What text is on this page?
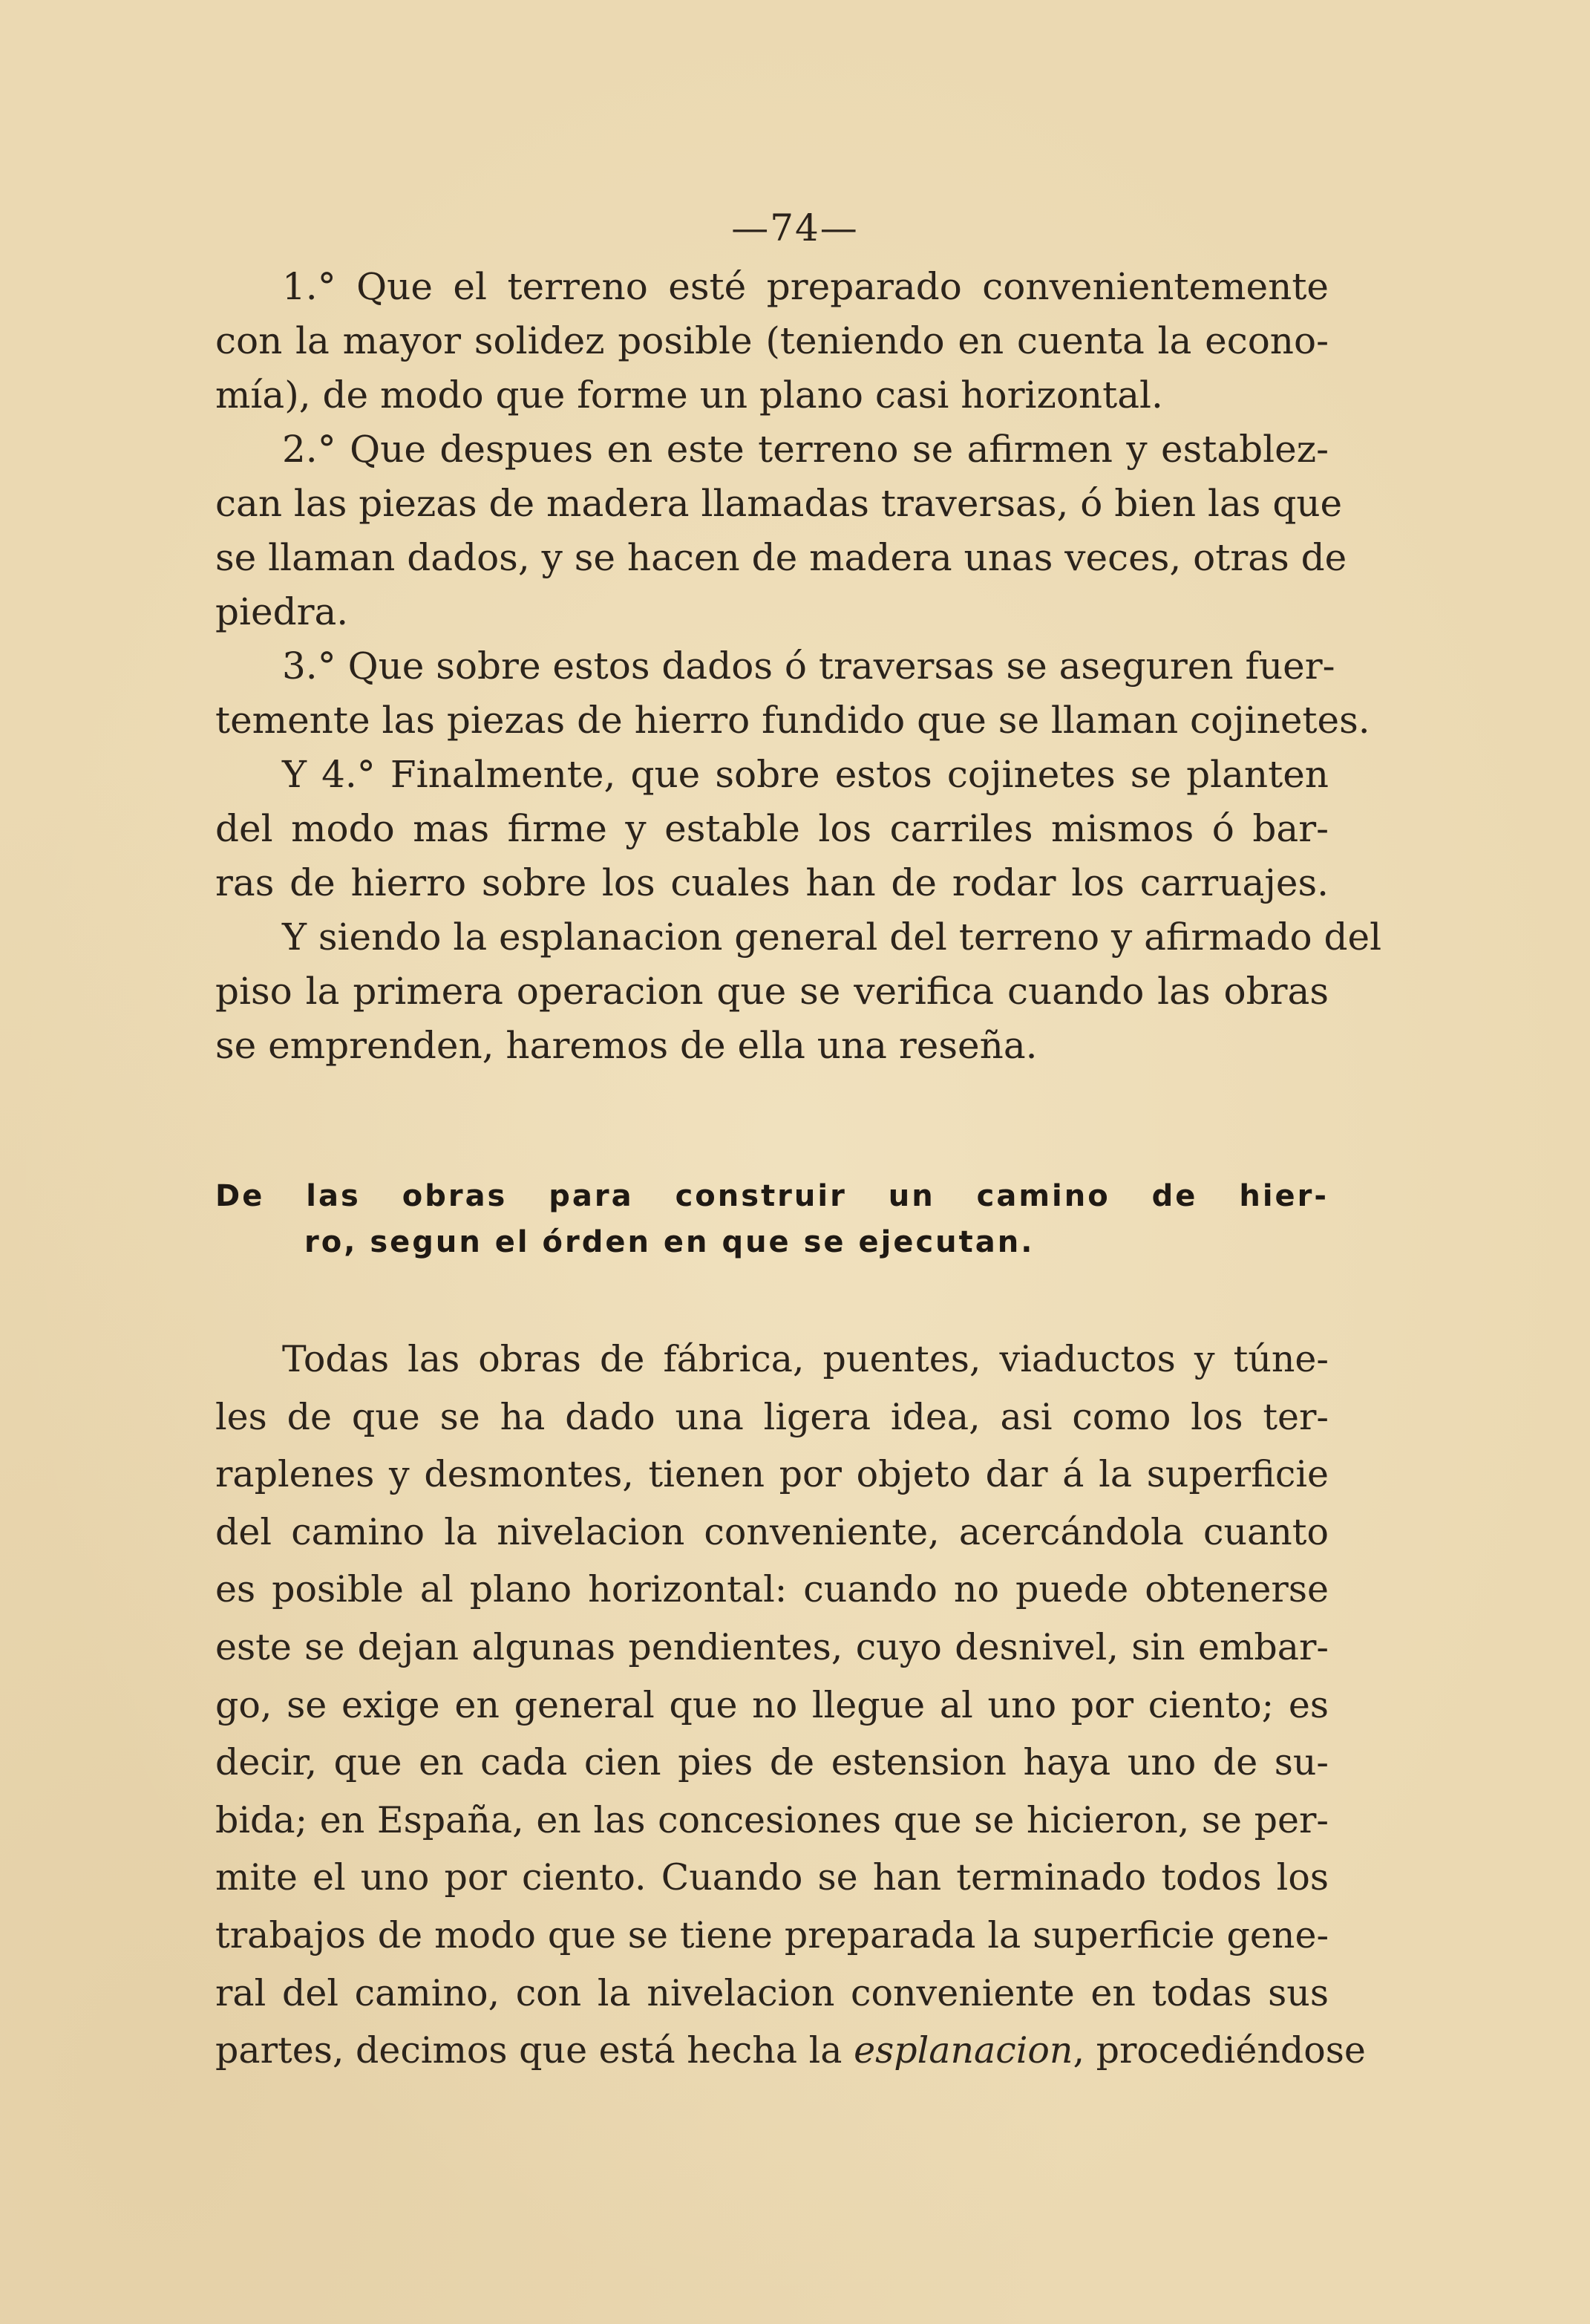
—74—
1.° Que el terreno esté preparado convenientemente
con la mayor solidez posible (teniendo en cuenta la econo-
mía), de modo que forme un plano casi horizontal.
2.° Que despues en este terreno se afirmen y establez-
can las piezas de madera llamadas traversas, ó bien las que
se llaman dados, y se hacen de madera unas veces, otras de
piedra.
3.° Que sobre estos dados ó traversas se aseguren fuer-
temente las piezas de hierro fundido que se llaman cojinetes.
Y 4.° Finalmente, que sobre estos cojinetes se planten
del modo mas firme y estable los carriles mismos ó bar-
ras de hierro sobre los cuales han de rodar los carruajes.
Y siendo la esplanacion general del terreno y afirmado del
piso la primera operacion que se verifica cuando las obras
se emprenden, haremos de ella una reseña.
De las obras para construir un camino de hier-
ro, segun el órden en que se ejecutan.
Todas las obras de fábrica, puentes, viaductos y túne-
les de que se ha dado una ligera idea, asi como los ter-
raplenes y desmontes, tienen por objeto dar á la superficie
del camino la nivelacion conveniente, acercándola cuanto
es posible al plano horizontal: cuando no puede obtenerse
este se dejan algunas pendientes, cuyo desnivel, sin embar-
go, se exige en general que no llegue al uno por ciento; es
decir, que en cada cien pies de estension haya uno de su-
bida; en España, en las concesiones que se hicieron, se per-
mite el uno por ciento. Cuando se han terminado todos los
trabajos de modo que se tiene preparada la superficie gene-
ral del camino, con la nivelacion conveniente en todas sus
partes, decimos que está hecha la esplanacion, procediéndose
